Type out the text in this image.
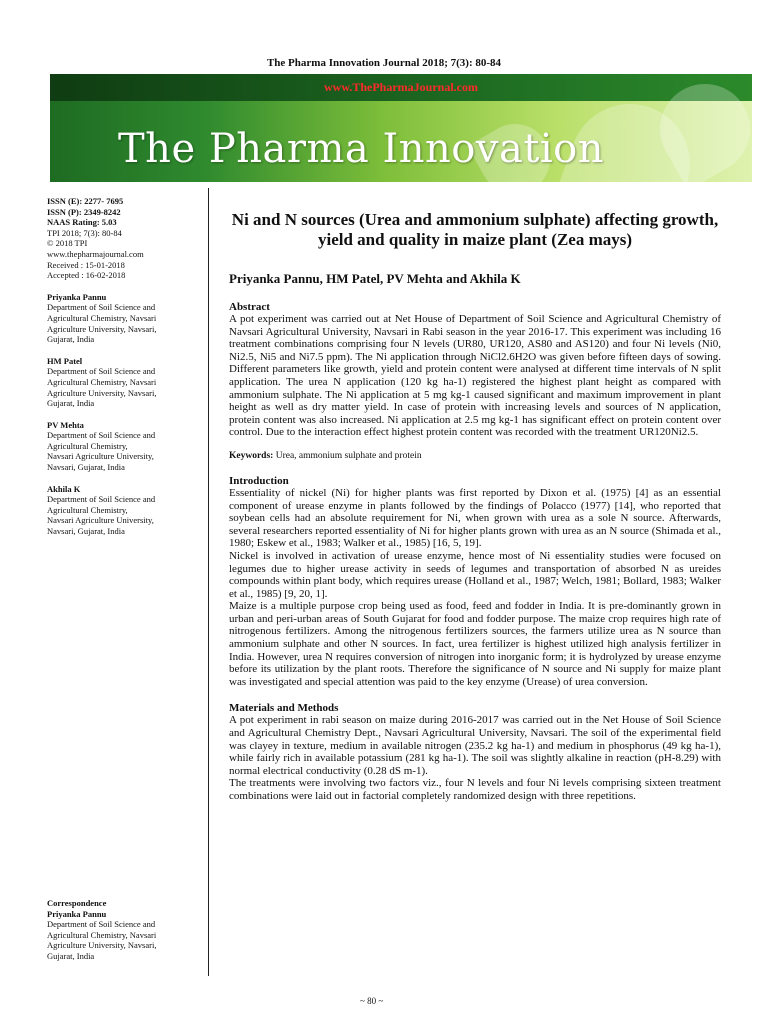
The Pharma Innovation Journal 2018; 7(3): 80-84
www.ThePharmaJournal.com
The Pharma Innovation
ISSN (E): 2277- 7695
ISSN (P): 2349-8242
NAAS Rating: 5.03
TPI 2018; 7(3): 80-84
© 2018 TPI
www.thepharmajournal.com
Received : 15-01-2018
Accepted : 16-02-2018
Priyanka Pannu
Department of Soil Science and
Agricultural Chemistry, Navsari
Agriculture University, Navsari,
Gujarat, India
HM Patel
Department of Soil Science and
Agricultural Chemistry, Navsari
Agriculture University, Navsari,
Gujarat, India
PV Mehta
Department of Soil Science and
Agricultural Chemistry,
Navsari Agriculture University,
Navsari, Gujarat, India
Akhila K
Department of Soil Science and
Agricultural Chemistry,
Navsari Agriculture University,
Navsari, Gujarat, India
Correspondence
Priyanka Pannu
Department of Soil Science and
Agricultural Chemistry, Navsari
Agriculture University, Navsari,
Gujarat, India
Ni and N sources (Urea and ammonium sulphate) affecting growth, yield and quality in maize plant (Zea mays)
Priyanka Pannu, HM Patel, PV Mehta and Akhila K
Abstract

A pot experiment was carried out at Net House of Department of Soil Science and Agricultural Chemistry of Navsari Agricultural University, Navsari in Rabi season in the year 2016-17. This experiment was including 16 treatment combinations comprising four N levels (UR80, UR120, AS80 and AS120) and four Ni levels (Ni0, Ni2.5, Ni5 and Ni7.5 ppm). The Ni application through NiCl2.6H2O was given before fifteen days of sowing. Different parameters like growth, yield and protein content were analysed at different time intervals of N split application. The urea N application (120 kg ha-1) registered the highest plant height as compared with ammonium sulphate. The Ni application at 5 mg kg-1 caused significant and maximum improvement in plant height as well as dry matter yield. In case of protein with increasing levels and sources of N application, protein content was also increased. Ni application at 2.5 mg kg-1 has significant effect on protein content over control. Due to the interaction effect highest protein content was recorded with the treatment UR120Ni2.5.

Keywords: Urea, ammonium sulphate and protein
Introduction

Essentiality of nickel (Ni) for higher plants was first reported by Dixon et al. (1975) [4] as an essential component of urease enzyme in plants followed by the findings of Polacco (1977) [14], who reported that soybean cells had an absolute requirement for Ni, when grown with urea as a sole N source. Afterwards, several researchers reported essentiality of Ni for higher plants grown with urea as an N source (Shimada et al., 1980; Eskew et al., 1983; Walker et al., 1985) [16, 5, 19].

Nickel is involved in activation of urease enzyme, hence most of Ni essentiality studies were focused on legumes due to higher urease activity in seeds of legumes and transportation of absorbed N as ureides compounds within plant body, which requires urease (Holland et al., 1987; Welch, 1981; Bollard, 1983; Walker et al., 1985) [9, 20, 1].

Maize is a multiple purpose crop being used as food, feed and fodder in India. It is pre-dominantly grown in urban and peri-urban areas of South Gujarat for food and fodder purpose. The maize crop requires high rate of nitrogenous fertilizers. Among the nitrogenous fertilizers sources, the farmers utilize urea as N source than ammonium sulphate and other N sources. In fact, urea fertilizer is highest utilized high analysis fertilizer in India. However, urea N requires conversion of nitrogen into inorganic form; it is hydrolyzed by urease enzyme before its utilization by the plant roots. Therefore the significance of N source and Ni supply for maize plant was investigated and special attention was paid to the key enzyme (Urease) of urea conversion.

Materials and Methods

A pot experiment in rabi season on maize during 2016-2017 was carried out in the Net House of Soil Science and Agricultural Chemistry Dept., Navsari Agricultural University, Navsari. The soil of the experimental field was clayey in texture, medium in available nitrogen (235.2 kg ha-1) and medium in phosphorus (49 kg ha-1), while fairly rich in available potassium (281 kg ha-1). The soil was slightly alkaline in reaction (pH-8.29) with normal electrical conductivity (0.28 dS m-1).

The treatments were involving two factors viz., four N levels and four Ni levels comprising sixteen treatment combinations were laid out in factorial completely randomized design with three repetitions.

~ 80 ~
